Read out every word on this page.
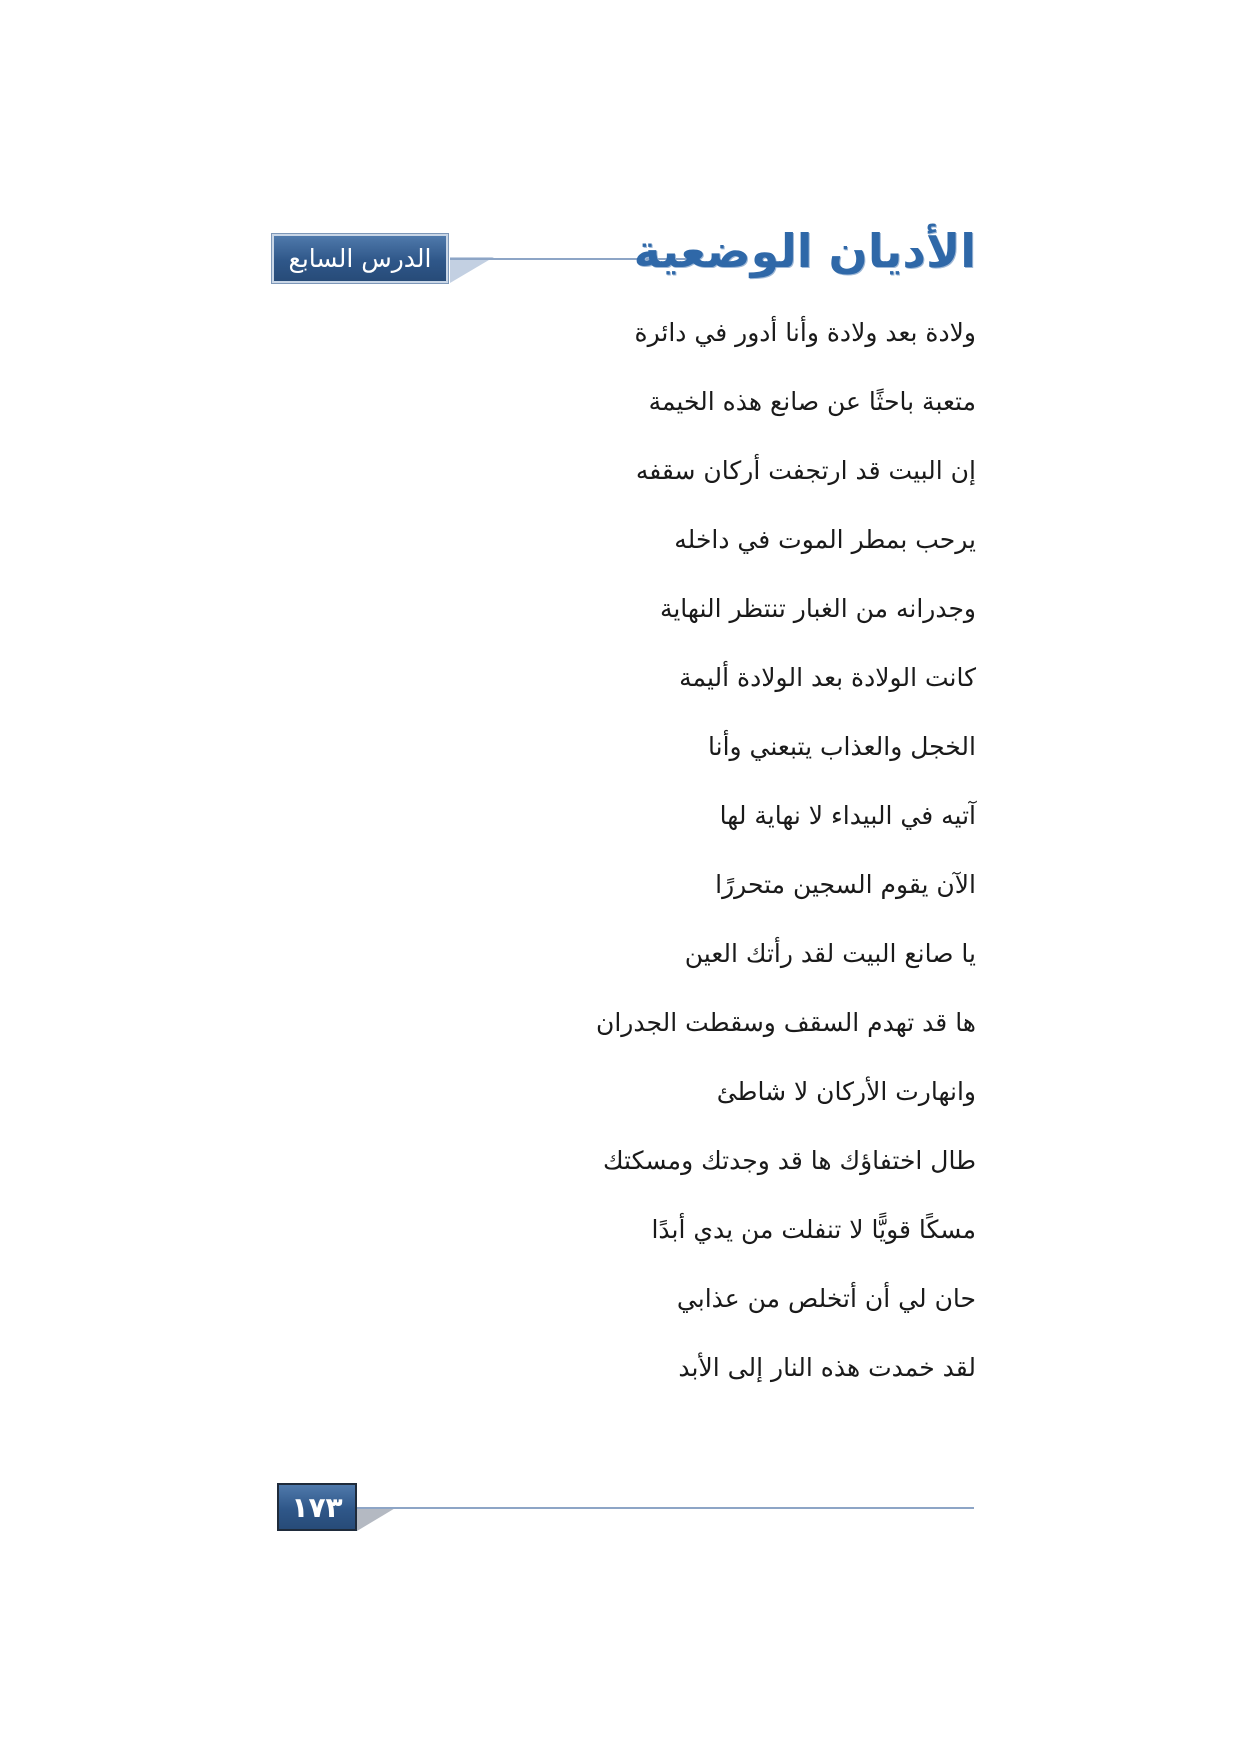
الدرس السابع	الأديان الوضعية
ولادة بعد ولادة وأنا أدور في دائرة
متعبة باحثًا عن صانع هذه الخيمة
إن البيت قد ارتجفت أركان سقفه
يرحب بمطر الموت في داخله
وجدرانه من الغبار تنتظر النهاية
كانت الولادة بعد الولادة أليمة
الخجل والعذاب يتبعني وأنا
آتيه في البيداء لا نهاية لها
الآن يقوم السجين متحررًا
يا صانع البيت لقد رأتك العين
ها قد تهدم السقف وسقطت الجدران
وانهارت الأركان لا شاطئ
طال اختفاؤك ها قد وجدتك ومسكتك
مسكًا قويًّا لا تنفلت من يدي أبدًا
حان لي أن أتخلص من عذابي
لقد خمدت هذه النار إلى الأبد
١٧٣
